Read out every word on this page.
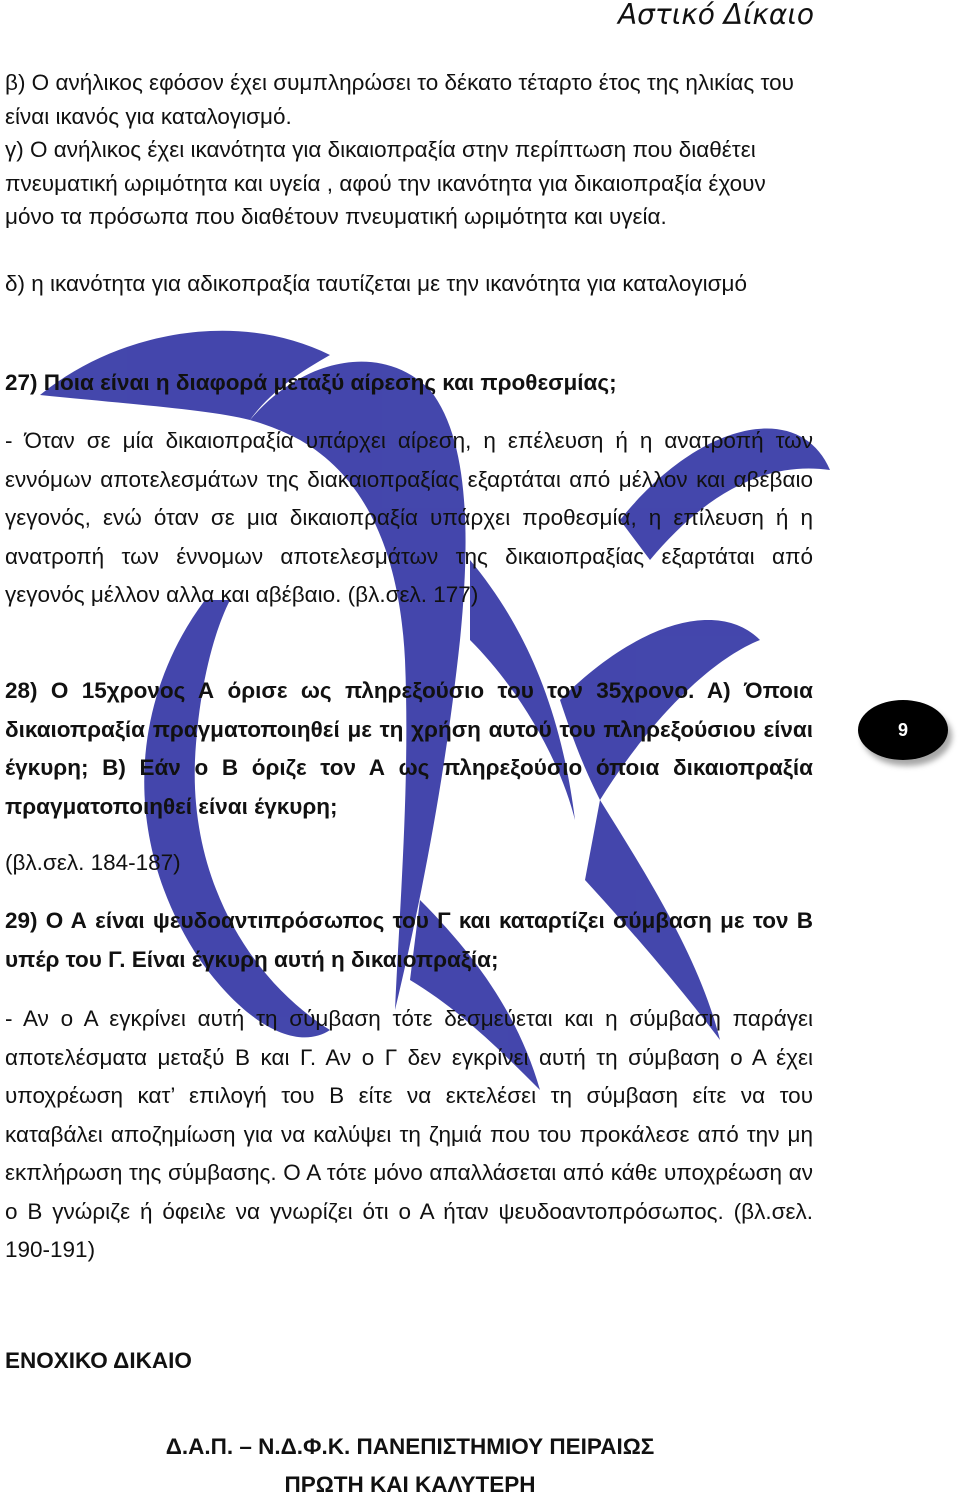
Αστικό Δίκαιο

β) Ο ανήλικος εφόσον έχει συμπληρώσει το δέκατο τέταρτο έτος της ηλικίας του είναι ικανός για καταλογισμό.

γ) Ο ανήλικος έχει ικανότητα για δικαιοπραξία στην περίπτωση που διαθέτει πνευματική ωριμότητα και υγεία , αφού την ικανότητα για δικαιοπραξία έχουν μόνο τα πρόσωπα που διαθέτουν πνευματική ωριμότητα και υγεία.

δ) η ικανότητα για αδικοπραξία ταυτίζεται με την ικανότητα για καταλογισμό

27) Ποια είναι η διαφορά μεταξύ αίρεσης και προθεσμίας;

- Όταν σε μία δικαιοπραξία υπάρχει αίρεση, η επέλευση ή η ανατροπή των εννόμων αποτελεσμάτων της διακαιοπραξίας εξαρτάται από μέλλον και αβέβαιο γεγονός, ενώ όταν σε μια δικαιοπραξία υπάρχει προθεσμία, η επίλευση ή η ανατροπή των έννομων αποτελεσμάτων της δικαιοπραξίας εξαρτάται από γεγονός μέλλον αλλα και αβέβαιο. (βλ.σελ. 177)

28) Ο 15χρονος Α όρισε ως πληρεξούσιο του τον 35χρονο. Α) Όποια δικαιοπραξία πραγματοποιηθεί με τη χρήση αυτού του πληρεξούσιου είναι έγκυρη; Β) Εάν ο Β όριζε τον Α ως πληρεξούσιο όποια δικαιοπραξία πραγματοποιηθεί είναι έγκυρη;

(βλ.σελ. 184-187)

29) Ο Α είναι ψευδοαντιπρόσωπος του Γ και καταρτίζει σύμβαση με τον Β υπέρ του Γ. Είναι έγκυρη αυτή η δικαιοπραξία;

- Αν ο Α εγκρίνει αυτή τη σύμβαση τότε δεσμεύεται και η σύμβαση παράγει αποτελέσματα μεταξύ Β και Γ. Αν ο Γ δεν εγκρίνει αυτή τη σύμβαση ο Α έχει υποχρέωση κατ’ επιλογή του Β είτε να εκτελέσει τη σύμβαση είτε να του καταβάλει αποζημίωση για να καλύψει τη ζημιά που του προκάλεσε από την μη εκπλήρωση της σύμβασης. Ο Α τότε μόνο απαλλάσεται από κάθε υποχρέωση αν ο Β γνώριζε ή όφειλε να γνωρίζει ότι ο Α ήταν ψευδοαντοπρόσωπος. (βλ.σελ. 190-191)

ΕΝΟΧΙΚΟ ΔΙΚΑΙΟ
Δ.Α.Π. – Ν.Δ.Φ.Κ. ΠΑΝΕΠΙΣΤΗΜΙΟΥ ΠΕΙΡΑΙΩΣ
ΠΡΩΤΗ ΚΑΙ ΚΑΛΥΤΕΡΗ
9
